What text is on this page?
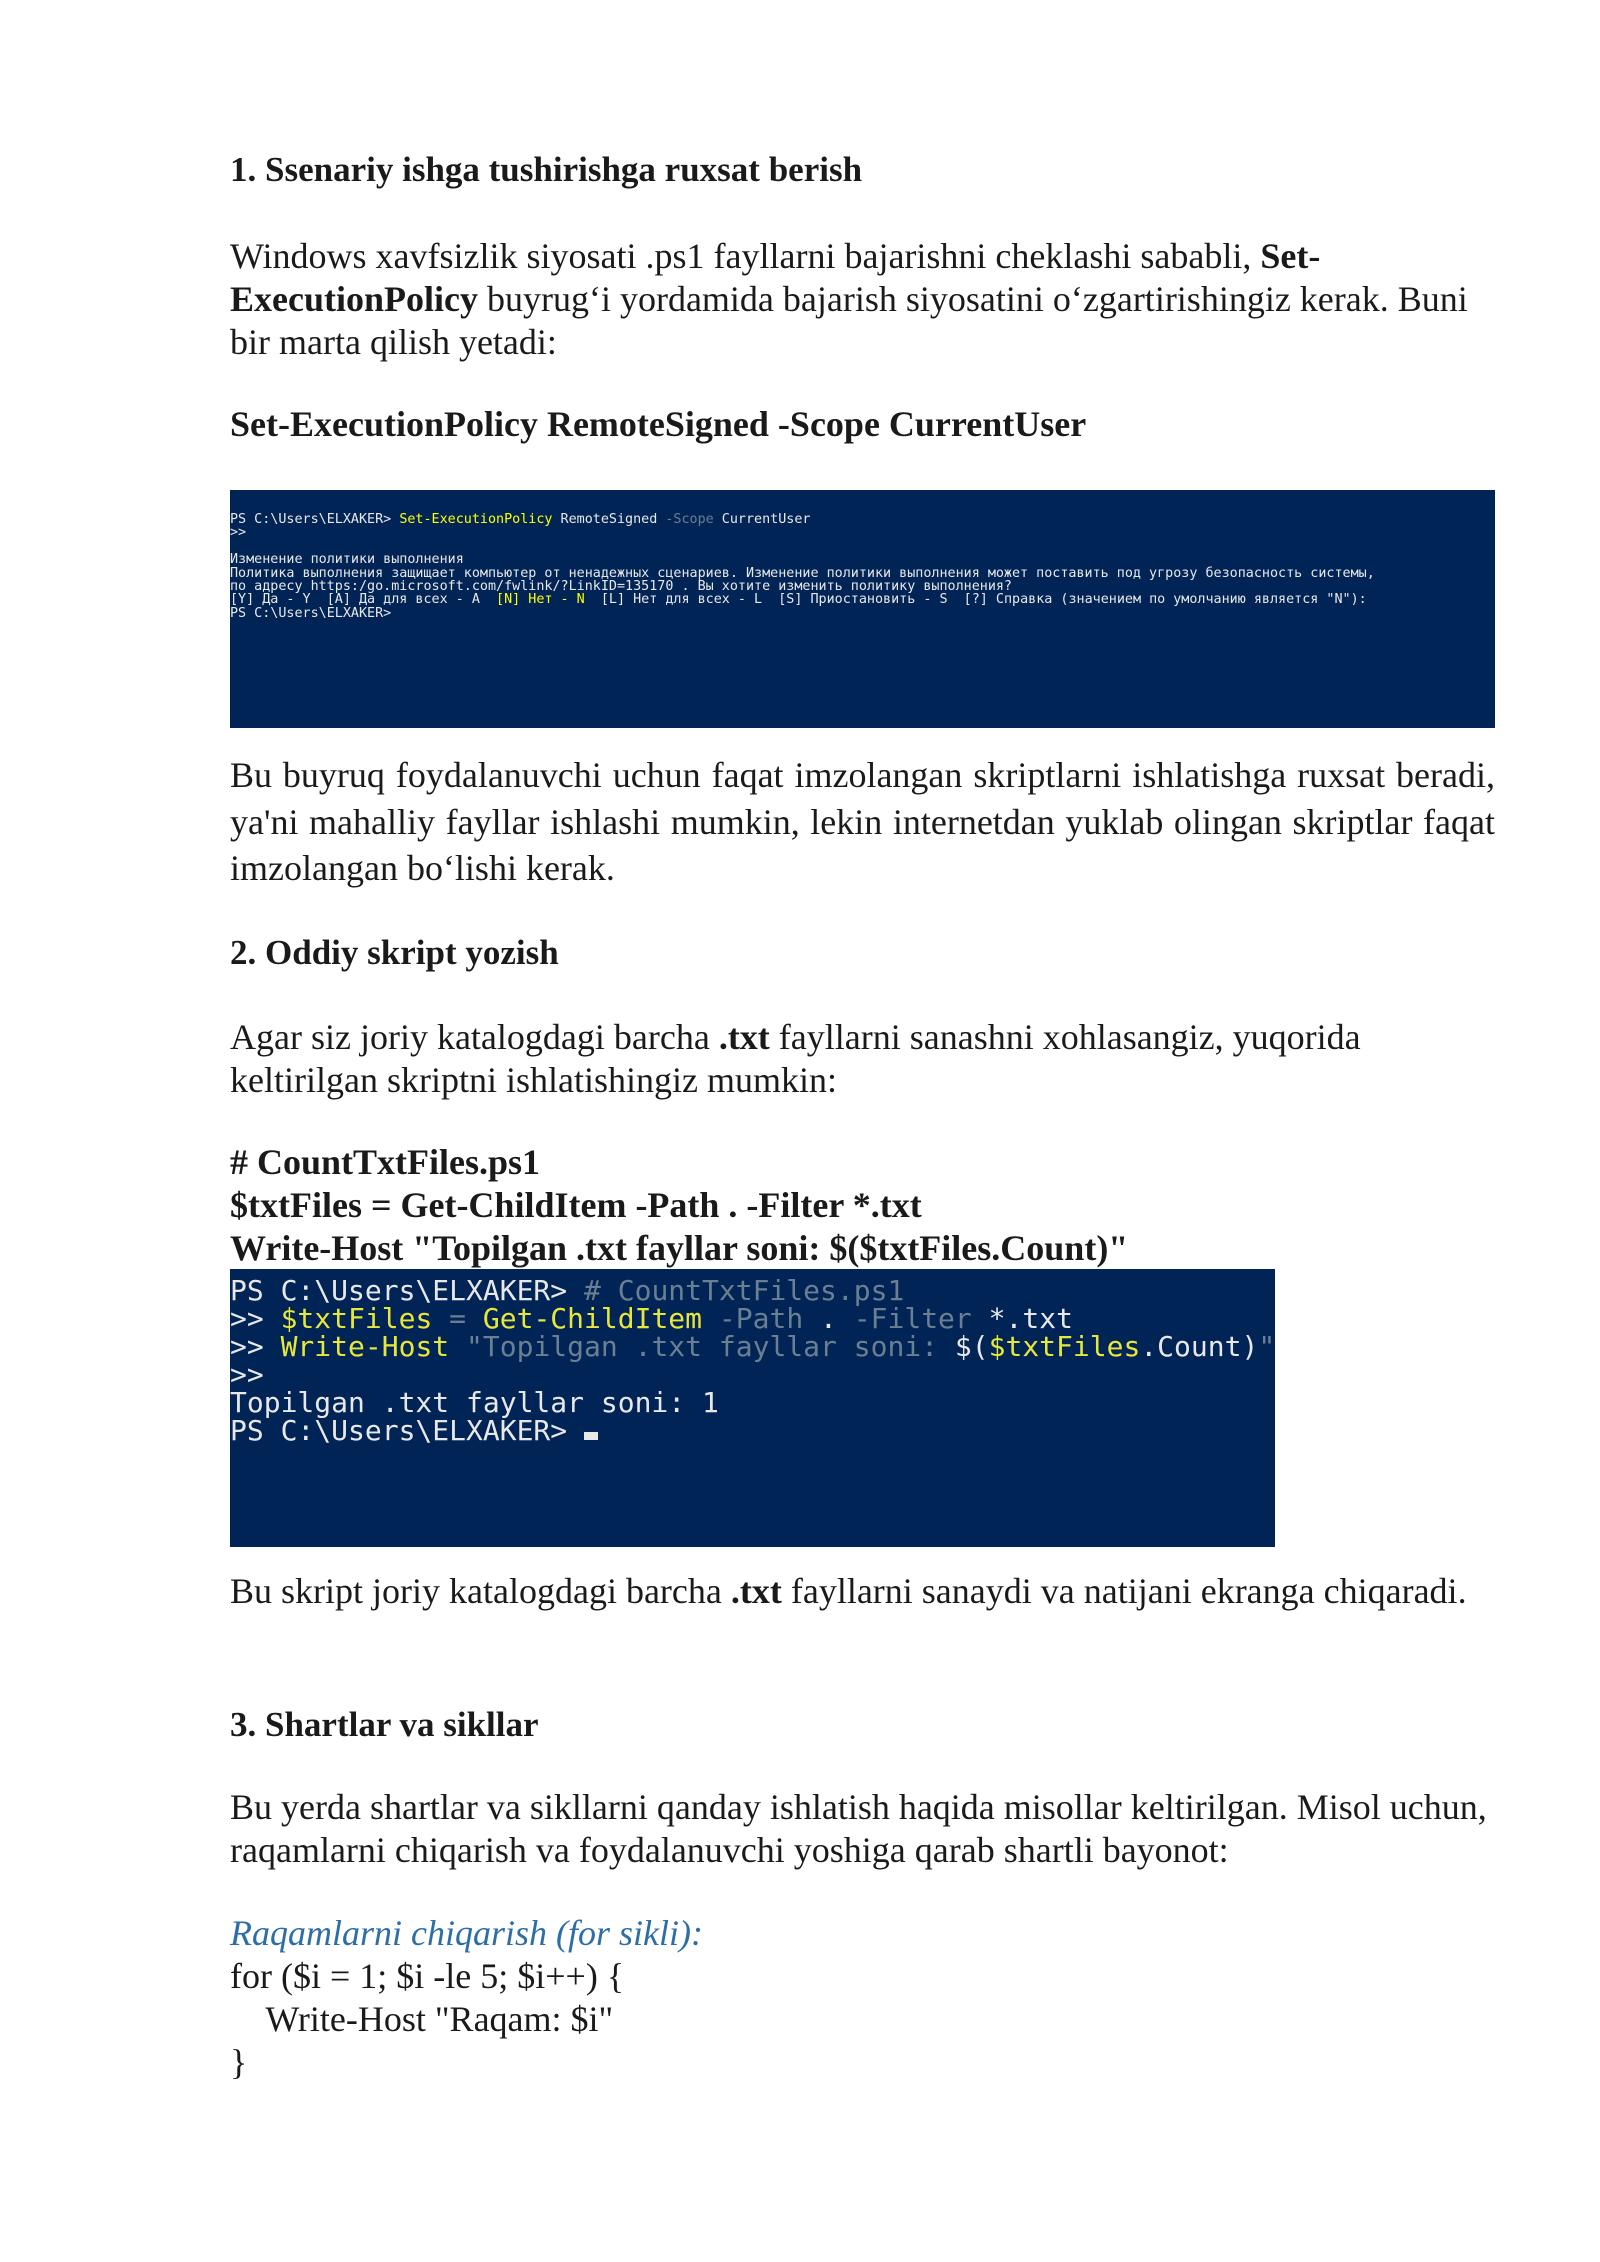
1. Ssenariy ishga tushirishga ruxsat berish

Windows xavfsizlik siyosati .ps1 fayllarni bajarishni cheklashi sababli, Set-ExecutionPolicy buyrug‘i yordamida bajarish siyosatini o‘zgartirishingiz kerak. Buni bir marta qilish yetadi:

Set-ExecutionPolicy RemoteSigned -Scope CurrentUser

PS C:\Users\ELXAKER> Set-ExecutionPolicy RemoteSigned -Scope CurrentUser
>>

Изменение политики выполнения
Политика выполнения защищает компьютер от ненадежных сценариев. Изменение политики выполнения может поставить под угрозу безопасность системы,
по адресу https:/go.microsoft.com/fwlink/?LinkID=135170 . Вы хотите изменить политику выполнения?
[Y] Да - Y  [A] Да для всех - A  [N] Нет - N  [L] Нет для всех - L  [S] Приостановить - S  [?] Справка (значением по умолчанию является "N"):
PS C:\Users\ELXAKER>

Bu buyruq foydalanuvchi uchun faqat imzolangan skriptlarni ishlatishga ruxsat beradi, ya'ni mahalliy fayllar ishlashi mumkin, lekin internetdan yuklab olingan skriptlar faqat imzolangan bo‘lishi kerak.

2. Oddiy skript yozish

Agar siz joriy katalogdagi barcha .txt fayllarni sanashni xohlasangiz, yuqorida keltirilgan skriptni ishlatishingiz mumkin:

# CountTxtFiles.ps1

$txtFiles = Get-ChildItem -Path . -Filter *.txt

Write-Host "Topilgan .txt fayllar soni: $($txtFiles.Count)"

PS C:\Users\ELXAKER> # CountTxtFiles.ps1
>> $txtFiles = Get-ChildItem -Path . -Filter *.txt
>> Write-Host "Topilgan .txt fayllar soni: $($txtFiles.Count)"
>>
Topilgan .txt fayllar soni: 1
PS C:\Users\ELXAKER>

Bu skript joriy katalogdagi barcha .txt fayllarni sanaydi va natijani ekranga chiqaradi.

3. Shartlar va sikllar

Bu yerda shartlar va sikllarni qanday ishlatish haqida misollar keltirilgan. Misol uchun, raqamlarni chiqarish va foydalanuvchi yoshiga qarab shartli bayonot:

Raqamlarni chiqarish (for sikli):

for ($i = 1; $i -le 5; $i++) {

Write-Host "Raqam: $i"

}
